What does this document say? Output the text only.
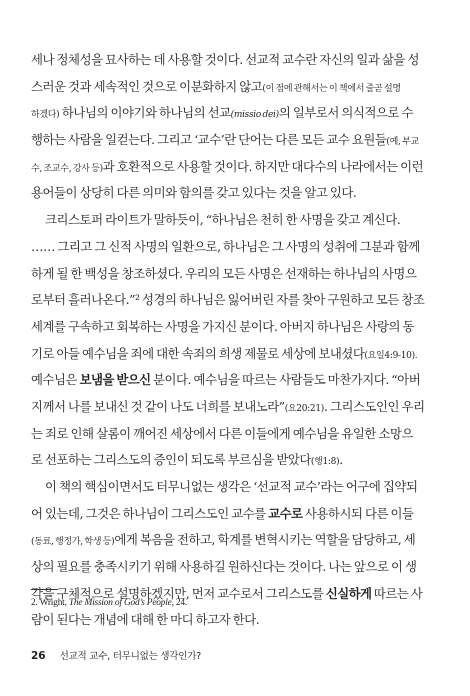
세나 정체성을 묘사하는 데 사용할 것이다. 선교적 교수란 자신의 일과 삶을 성
스러운 것과 세속적인 것으로 이분화하지 않고(이 점에 관해서는 이 책에서 줄곧 설명
하겠다) 하나님의 이야기와 하나님의 선교(missio dei)의 일부로서 의식적으로 수
행하는 사람을 일컫는다. 그리고 ‘교수’란 단어는 다른 모든 교수 요원들(예, 부교
수, 조교수, 강사 등)과 호환적으로 사용할 것이다. 하지만 대다수의 나라에서는 이런
용어들이 상당히 다른 의미와 함의를 갖고 있다는 것을 알고 있다.
크리스토퍼 라이트가 말하듯이, “하나님은 천히 한 사명을 갖고 계신다.
…… 그리고 그 신적 사명의 일환으로, 하나님은 그 사명의 성취에 그분과 함께
하게 될 한 백성을 창조하셨다. 우리의 모든 사명은 선재하는 하나님의 사명으
로부터 흘러나온다.”² 성경의 하나님은 잃어버린 자를 찾아 구원하고 모든 창조
세계를 구속하고 회복하는 사명을 가지신 분이다. 아버지 하나님은 사랑의 동
기로 아들 예수님을 죄에 대한 속죄의 희생 제물로 세상에 보내셨다(요일4:9-10).
예수님은 보냄을 받으신 분이다. 예수님을 따르는 사람들도 마찬가지다. “아버
지께서 나를 보내신 것 같이 나도 너희를 보내노라”(요20:21). 그리스도인인 우리
는 죄로 인해 살롬이 깨어진 세상에서 다른 이들에게 예수님을 유일한 소망으
로 선포하는 그리스도의 증인이 되도록 부르심을 받았다(행1:8).
이 책의 핵심이면서도 터무니없는 생각은 ‘선교적 교수’라는 어구에 집약되
어 있는데, 그것은 하나님이 그리스도인 교수를 교수로 사용하시되 다른 이들
(동료, 행정가, 학생 등)에게 복음을 전하고, 학계를 변혁시키는 역할을 담당하고, 세
상의 필요를 충족시키기 위해 사용하길 원하신다는 것이다. 나는 앞으로 이 생
각을 구체적으로 설명하겠지만, 먼저 교수로서 그리스도를 신실하게 따르는 사
람이 된다는 개념에 대해 한 마디 하고자 한다.
2. Wright, The Mission of God’s People, 24.
26 선교적 교수, 터무니없는 생각인가?
